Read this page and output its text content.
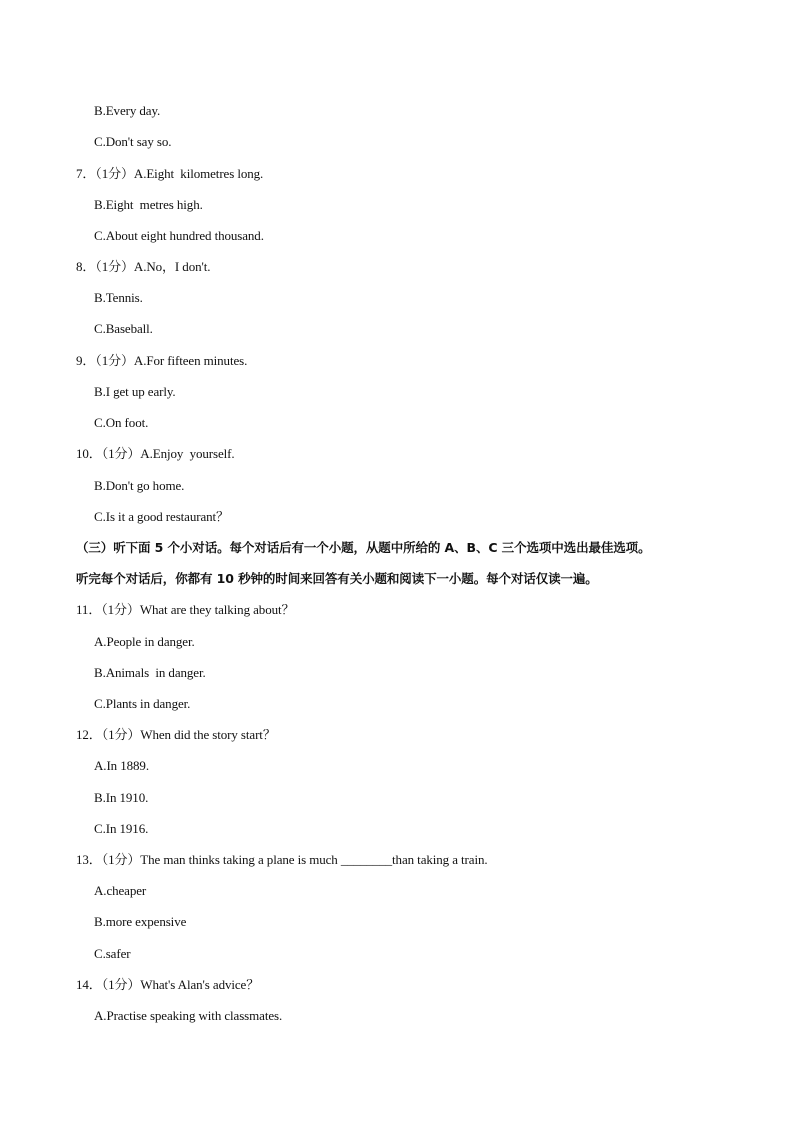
B.Every day.
C.Don't say so.
7．（1分）A.Eight  kilometres long.
B.Eight  metres high.
C.About eight hundred thousand.
8．（1分）A.No，I don't.
B.Tennis.
C.Baseball.
9．（1分）A.For fifteen minutes.
B.I get up early.
C.On foot.
10．（1分）A.Enjoy  yourself.
B.Don't go home.
C.Is it a good restaurant？
（三）听下面 5 个小对话。每个对话后有一个小题，从题中所给的 A、B、C 三个选项中选出最佳选项。
听完每个对话后，你都有 10 秒钟的时间来回答有关小题和阅读下一小题。每个对话仅读一遍。
11．（1分）What are they talking about？
A.People in danger.
B.Animals  in danger.
C.Plants in danger.
12．（1分）When did the story start？
A.In 1889.
B.In 1910.
C.In 1916.
13．（1分）The man thinks taking a plane is much ________than taking a train.
A.cheaper
B.more expensive
C.safer
14．（1分）What's Alan's advice？
A.Practise speaking with classmates.
